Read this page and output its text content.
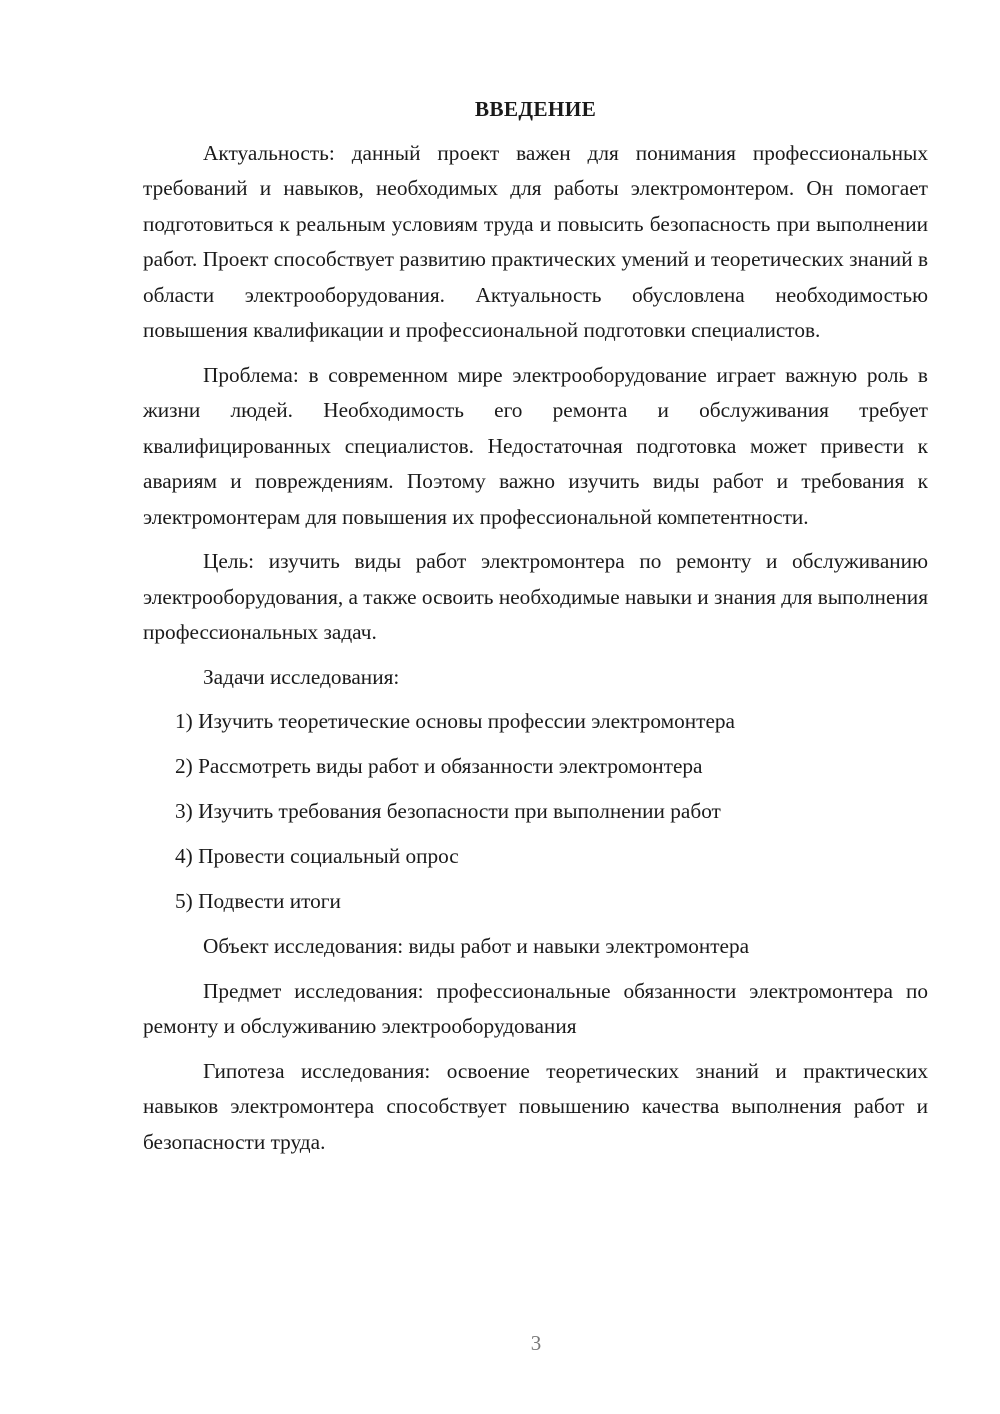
ВВЕДЕНИЕ

Актуальность: данный проект важен для понимания профессиональных требований и навыков, необходимых для работы электромонтером. Он помогает подготовиться к реальным условиям труда и повысить безопасность при выполнении работ. Проект способствует развитию практических умений и теоретических знаний в области электрооборудования. Актуальность обусловлена необходимостью повышения квалификации и профессиональной подготовки специалистов.

Проблема: в современном мире электрооборудование играет важную роль в жизни людей. Необходимость его ремонта и обслуживания требует квалифицированных специалистов. Недостаточная подготовка может привести к авариям и повреждениям. Поэтому важно изучить виды работ и требования к электромонтерам для повышения их профессиональной компетентности.

Цель: изучить виды работ электромонтера по ремонту и обслуживанию электрооборудования, а также освоить необходимые навыки и знания для выполнения профессиональных задач.

Задачи исследования:
1) Изучить теоретические основы профессии электромонтера
2) Рассмотреть виды работ и обязанности электромонтера
3) Изучить требования безопасности при выполнении работ
4) Провести социальный опрос
5) Подвести итоги
Объект исследования: виды работ и навыки электромонтера

Предмет исследования: профессиональные обязанности электромонтера по ремонту и обслуживанию электрооборудования

Гипотеза исследования: освоение теоретических знаний и практических навыков электромонтера способствует повышению качества выполнения работ и безопасности труда.

3
